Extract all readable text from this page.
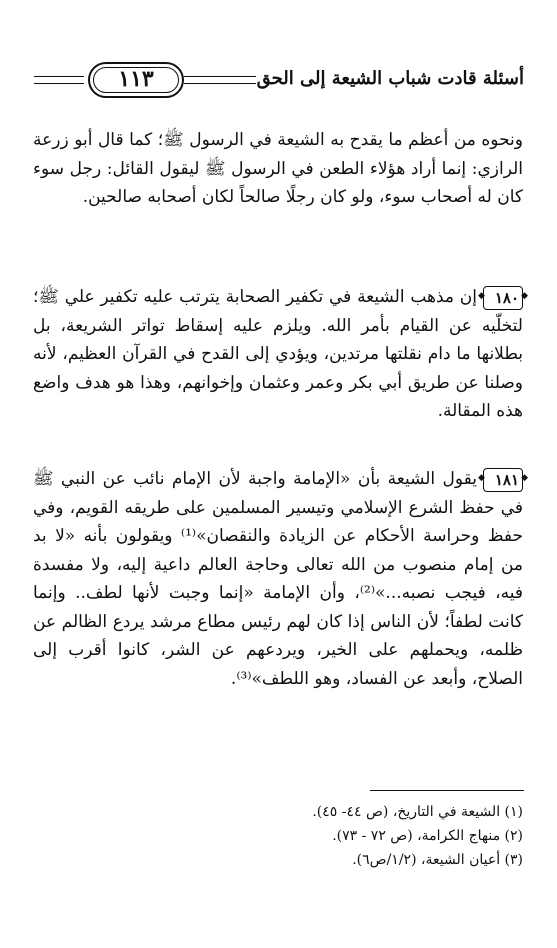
أسئلة قادت شباب الشيعة إلى الحق
١١٣
ونحوه من أعظم ما يقدح به الشيعة في الرسول ﷺ؛ كما قال أبو زرعة الرازي: إنما أراد هؤلاء الطعن في الرسول ﷺ ليقول القائل: رجل سوء كان له أصحاب سوء، ولو كان رجلًا صالحاً لكان أصحابه صالحين.
◆ ١٨٠ ◆إن مذهب الشيعة في تكفير الصحابة يترتب عليه تكفير علي ﷺ؛ لتخلّيه عن القيام بأمر الله. ويلزم عليه إسقاط تواتر الشريعة، بل بطلانها ما دام نقلتها مرتدين، ويؤدي إلى القدح في القرآن العظيم، لأنه وصلنا عن طريق أبي بكر وعمر وعثمان وإخوانهم، وهذا هو هدف واضع هذه المقالة.
◆ ١٨١ ◆يقول الشيعة بأن «الإمامة واجبة لأن الإمام نائب عن النبي ﷺ في حفظ الشرع الإسلامي وتيسير المسلمين على طريقه القويم، وفي حفظ وحراسة الأحكام عن الزيادة والنقصان»⁽¹⁾ ويقولون بأنه «لا بد من إمام منصوب من الله تعالى وحاجة العالم داعية إليه، ولا مفسدة فيه، فيجب نصبه...»⁽²⁾، وأن الإمامة «إنما وجبت لأنها لطف.. وإنما كانت لطفاً؛ لأن الناس إذا كان لهم رئيس مطاع مرشد يردع الظالم عن ظلمه، ويحملهم على الخير، ويردعهم عن الشر، كانوا أقرب إلى الصلاح، وأبعد عن الفساد، وهو اللطف»⁽³⁾.
(١) الشيعة في التاريخ، (ص ٤٤- ٤٥).
(٢) منهاج الكرامة، (ص ٧٢ - ٧٣).
(٣) أعيان الشيعة، (١/٢/ص٦).
